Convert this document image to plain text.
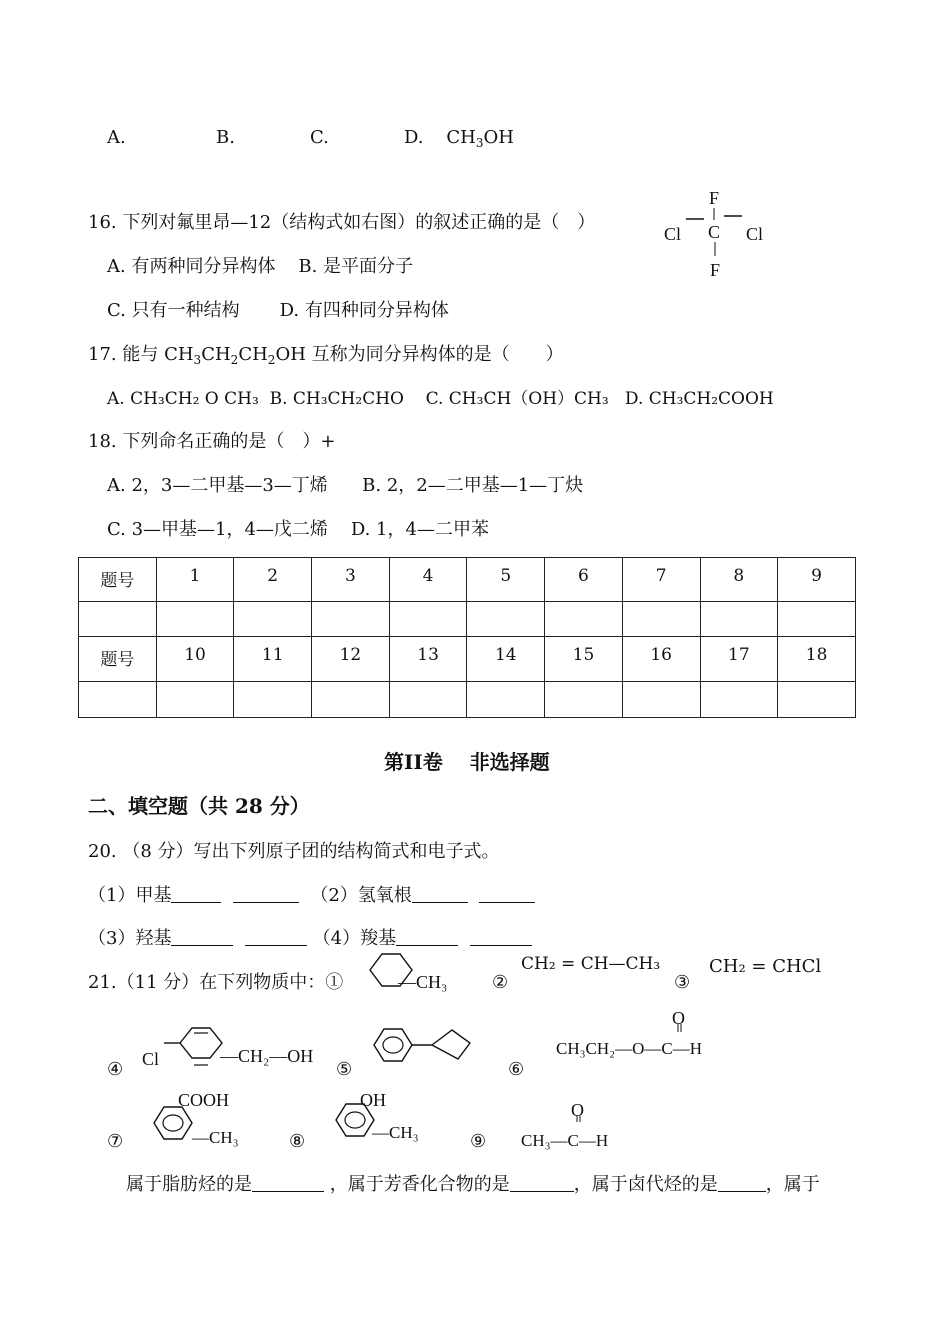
A.	B.	C.	D. $CH_3OH$
16. 下列对氟里昂—12（结构式如右图）的叙述正确的是（　）
F
Cl C Cl
F
A. 有两种同分异构体 B. 是平面分子
C. 只有一种结构 D. 有四种同分异构体
17. 能与 $CH_3CH_2CH_2OH$ 互称为同分异构体的是（　　）
A. CH₃CH₂ O CH₃ B. CH₃CH₂CHO C. CH₃CH（OH）CH₃ D. CH₃CH₂COOH
18. 下列命名正确的是（　）+
A. 2，3—二甲基—3—丁烯 B. 2，2—二甲基—1—丁炔
C. 3—甲基—1，4—戊二烯 D. 1，4—二甲苯
题号	1	2	3	4	5	6	7	8	9

题号	10	11	12	13	14	15	16	17	18

第II卷　 非选择题
二、填空题（共 28 分）
20. （8 分）写出下列原子团的结构简式和电子式。
（1）甲基	（2）氢氧根
（3）羟基	（4）羧基
21.（11 分）在下列物质中：①	—CH₃ ②
CH₂ = CH—CH₃
③
CH₂ = CHCl
④ Cl	—CH₂—OH
⑤	⑥
O
CH₃CH₂—O—C—H
⑦
COOH
—CH₃	⑧
OH
—CH₃	⑨
O
CH₃—C—H
属于脂肪烃的是	，属于芳香化合物的是	，属于卤代烃的是	，属于
